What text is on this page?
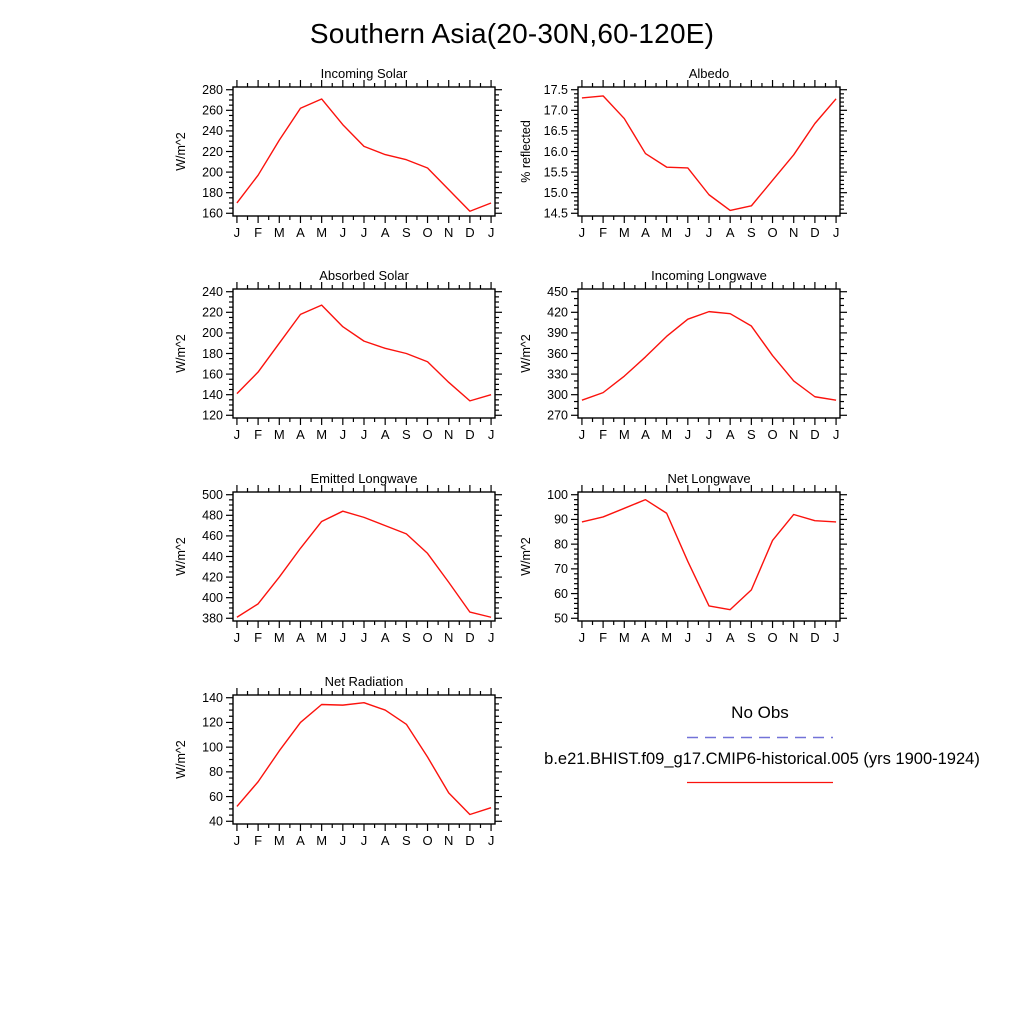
Southern Asia(20-30N,60-120E)
Incoming Solar
W/m^2
160
180
200
220
240
260
280
J F M A M J J A S O N D J
Albedo
% reflected
14.5
15.0
15.5
16.0
16.5
17.0
17.5
J F M A M J J A S O N D J
Absorbed Solar
W/m^2
120
140
160
180
200
220
240
J F M A M J J A S O N D J
Incoming Longwave
W/m^2
270
300
330
360
390
420
450
J F M A M J J A S O N D J
Emitted Longwave
W/m^2
380
400
420
440
460
480
500
J F M A M J J A S O N D J
Net Longwave
W/m^2
50
60
70
80
90
100
J F M A M J J A S O N D J
Net Radiation
W/m^2
40
60
80
100
120
140
J F M A M J J A S O N D J
No Obs
b.e21.BHIST.f09_g17.CMIP6-historical.005 (yrs 1900-1924)
